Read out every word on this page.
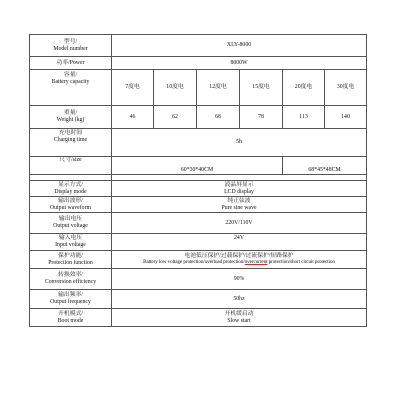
型号/
Model number	XLY-8000					
功率/Power	8000W					

容量/
Battery capacity	7度电	10度电	12度电	15度电	20度电	30度电

重量/
Weight (kg)	46	62	68	78	113	140

充电时间
Charging time	5h					
尺寸/size	60*30*40CM				68*45*48CM	

显示方式/
Display mode	液晶屏显示
LCD display					

输出波形/
Output waveform	纯正弦波
Pure sine wave					

输出电压
Output voltage	220V/110V					

输入电压
Input voltage	24V					

保护功能/
Protection function	电池低压保护/过载保护/过流保护/短路保护
Battery low voltage protection/overload protection/overcurrent protection/short circuit protection					

转换效率/
Conversion efficiency	90%					

输出频率/
Output frequency	50hz					

开机模式/
Boot mode	开机缓启动
Slow start					
